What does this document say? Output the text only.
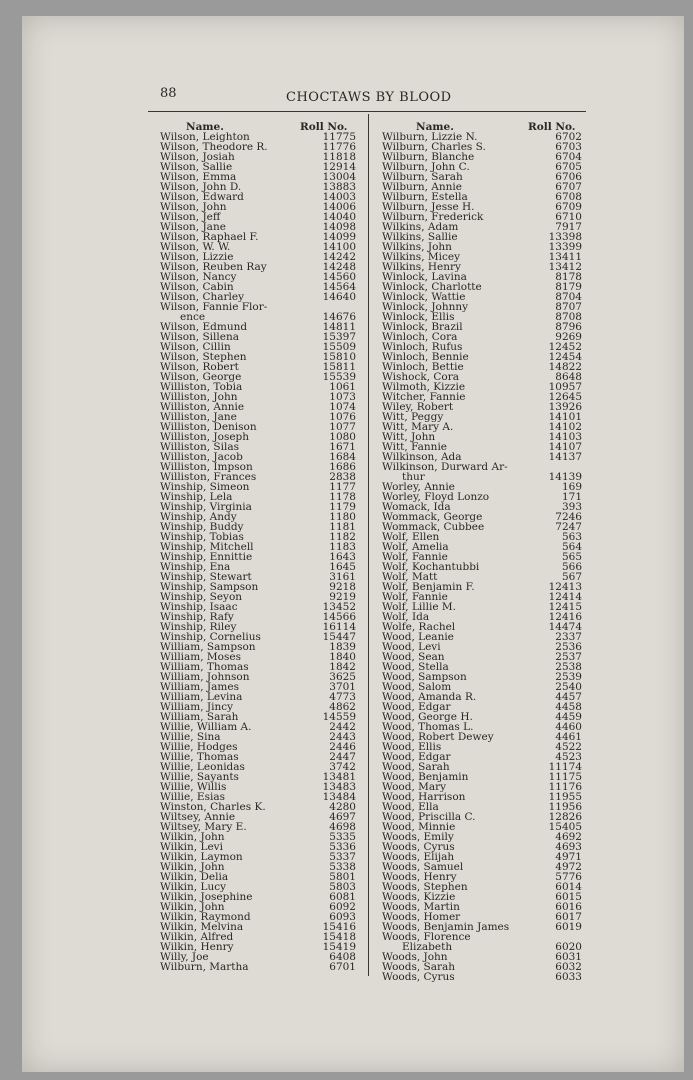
88	CHOCTAWS BY BLOOD
Name.	Roll No.	Name.	Roll No.
Wilson, Leighton	11775
Wilson, Theodore R.	11776
Wilson, Josiah	11818
Wilson, Sallie	12914
Wilson, Emma	13004
Wilson, John D.	13883
Wilson, Edward	14003
Wilson, John	14006
Wilson, Jeff	14040
Wilson, Jane	14098
Wilson, Raphael F.	14099
Wilson, W. W.	14100
Wilson, Lizzie	14242
Wilson, Reuben Ray	14248
Wilson, Nancy	14560
Wilson, Cabin	14564
Wilson, Charley	14640
Wilson, Fannie Flor-
ence	14676
Wilson, Edmund	14811
Wilson, Sillena	15397
Wilson, Cillin	15509
Wilson, Stephen	15810
Wilson, Robert	15811
Wilson, George	15539
Williston, Tobia	1061
Williston, John	1073
Williston, Annie	1074
Williston, Jane	1076
Williston, Denison	1077
Williston, Joseph	1080
Williston, Silas	1671
Williston, Jacob	1684
Williston, Impson	1686
Williston, Frances	2838
Winship, Simeon	1177
Winship, Lela	1178
Winship, Virginia	1179
Winship, Andy	1180
Winship, Buddy	1181
Winship, Tobias	1182
Winship, Mitchell	1183
Winship, Ennittie	1643
Winship, Ena	1645
Winship, Stewart	3161
Winship, Sampson	9218
Winship, Seyon	9219
Winship, Isaac	13452
Winship, Rafy	14566
Winship, Riley	16114
Winship, Cornelius	15447
William, Sampson	1839
William, Moses	1840
William, Thomas	1842
William, Johnson	3625
William, James	3701
William, Levina	4773
William, Jincy	4862
William, Sarah	14559
Willie, William A.	2442
Willie, Sina	2443
Willie, Hodges	2446
Willie, Thomas	2447
Willie, Leonidas	3742
Willie, Sayants	13481
Willie, Willis	13483
Willie, Esias	13484
Winston, Charles K.	4280
Wiltsey, Annie	4697
Wiltsey, Mary E.	4698
Wilkin, John	5335
Wilkin, Levi	5336
Wilkin, Laymon	5337
Wilkin, John	5338
Wilkin, Delia	5801
Wilkin, Lucy	5803
Wilkin, Josephine	6081
Wilkin, John	6092
Wilkin, Raymond	6093
Wilkin, Melvina	15416
Wilkin, Alfred	15418
Wilkin, Henry	15419
Willy, Joe	6408
Wilburn, Martha	6701
Wilburn, Lizzie N.	6702
Wilburn, Charles S.	6703
Wilburn, Blanche	6704
Wilburn, John C.	6705
Wilburn, Sarah	6706
Wilburn, Annie	6707
Wilburn, Estella	6708
Wilburn, Jesse H.	6709
Wilburn, Frederick	6710
Wilkins, Adam	7917
Wilkins, Sallie	13398
Wilkins, John	13399
Wilkins, Micey	13411
Wilkins, Henry	13412
Winlock, Lavina	8178
Winlock, Charlotte	8179
Winlock, Wattie	8704
Winlock, Johnny	8707
Winlock, Ellis	8708
Winlock, Brazil	8796
Winloch, Cora	9269
Winloch, Rufus	12452
Winloch, Bennie	12454
Winloch, Bettie	14822
Wishock, Cora	8648
Wilmoth, Kizzie	10957
Witcher, Fannie	12645
Wiley, Robert	13926
Witt, Peggy	14101
Witt, Mary A.	14102
Witt, John	14103
Witt, Fannie	14107
Wilkinson, Ada	14137
Wilkinson, Durward Ar-
thur	14139
Worley, Annie	169
Worley, Floyd Lonzo	171
Womack, Ida	393
Wommack, George	7246
Wommack, Cubbee	7247
Wolf, Ellen	563
Wolf, Amelia	564
Wolf, Fannie	565
Wolf, Kochantubbi	566
Wolf, Matt	567
Wolf, Benjamin F.	12413
Wolf, Fannie	12414
Wolf, Lillie M.	12415
Wolf, Ida	12416
Wolfe, Rachel	14474
Wood, Leanie	2337
Wood, Levi	2536
Wood, Sean	2537
Wood, Stella	2538
Wood, Sampson	2539
Wood, Salom	2540
Wood, Amanda R.	4457
Wood, Edgar	4458
Wood, George H.	4459
Wood, Thomas L.	4460
Wood, Robert Dewey	4461
Wood, Ellis	4522
Wood, Edgar	4523
Wood, Sarah	11174
Wood, Benjamin	11175
Wood, Mary	11176
Wood, Harrison	11955
Wood, Ella	11956
Wood, Priscilla C.	12826
Wood, Minnie	15405
Woods, Emily	4692
Woods, Cyrus	4693
Woods, Elijah	4971
Woods, Samuel	4972
Woods, Henry	5776
Woods, Stephen	6014
Woods, Kizzie	6015
Woods, Martin	6016
Woods, Homer	6017
Woods, Benjamin James	6019
Woods, Florence
Elizabeth	6020
Woods, John	6031
Woods, Sarah	6032
Woods, Cyrus	6033
